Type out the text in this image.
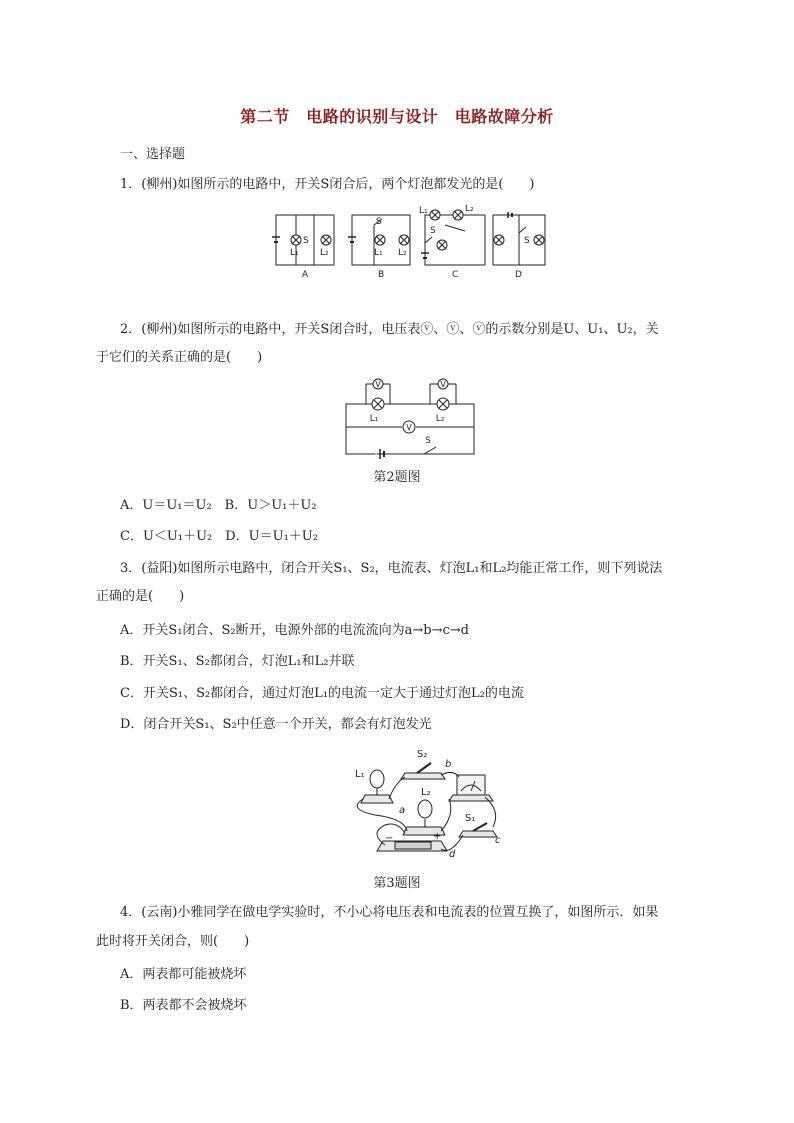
第二节　电路的识别与设计　电路故障分析
一、选择题
1．(柳州)如图所示的电路中，开关S闭合后，两个灯泡都发光的是(　　)
L₁
S
L₂
S
L₁ L₂
L₁	L₂
S
S
A	B	C	D
2．(柳州)如图所示的电路中，开关S闭合时，电压表ⓥ、ⓥ、ⓥ的示数分别是U、U₁、U₂，关
于它们的关系正确的是(　　)
V	V
V
L₁	L₂
S
第2题图
A．U＝U₁＝U₂　B．U＞U₁＋U₂
C．U＜U₁＋U₂　D．U＝U₁＋U₂
3．(益阳)如图所示电路中，闭合开关S₁、S₂，电流表、灯泡L₁和L₂均能正常工作，则下列说法
正确的是(　　)
A．开关S₁闭合、S₂断开，电源外部的电流流向为a→b→c→d
B．开关S₁、S₂都闭合，灯泡L₁和L₂并联
C．开关S₁、S₂都闭合，通过灯泡L₁的电流一定大于通过灯泡L₂的电流
D．闭合开关S₁、S₂中任意一个开关，都会有灯泡发光
S₂
b
L₁
L₂
a
S₁
c
d
−	+
第3题图
4．(云南)小雅同学在做电学实验时，不小心将电压表和电流表的位置互换了，如图所示．如果
此时将开关闭合，则(　　)
A．两表都可能被烧坏
B．两表都不会被烧坏
